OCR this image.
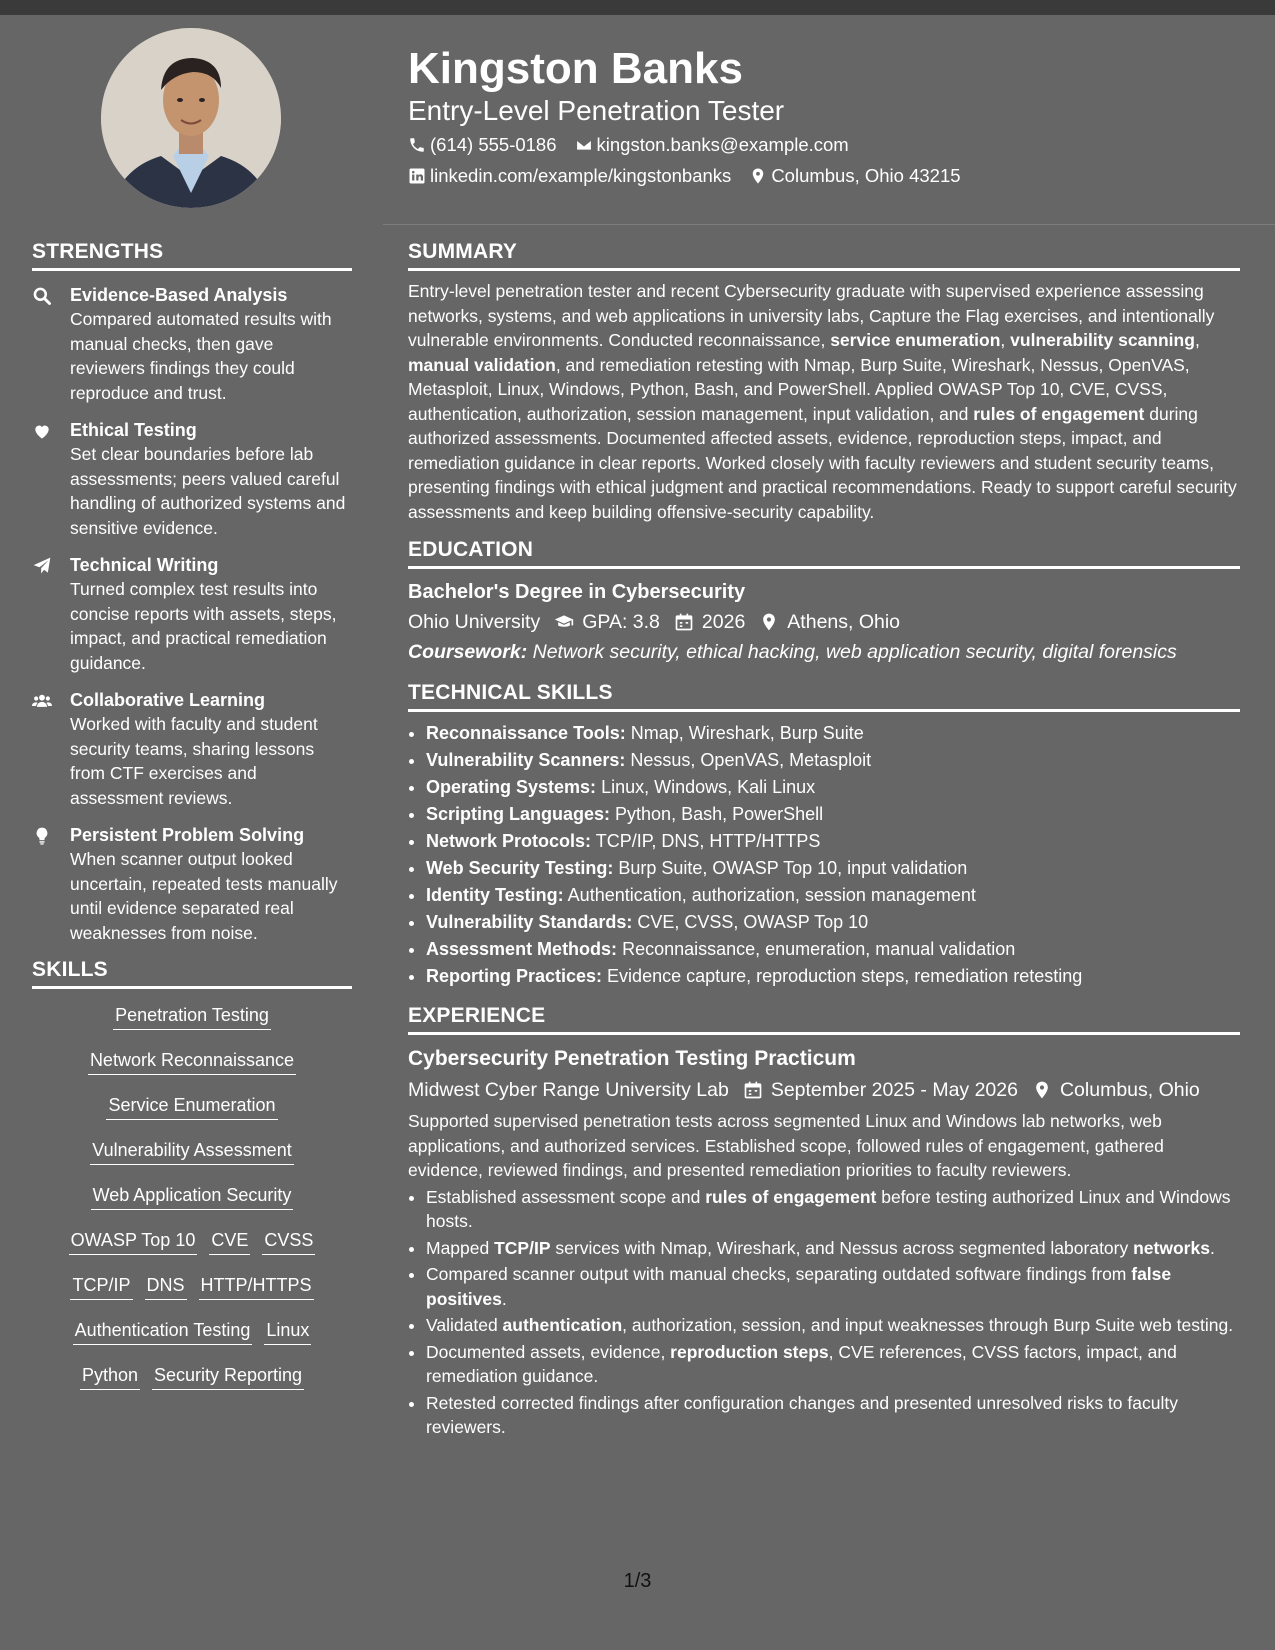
Kingston Banks
Entry-Level Penetration Tester
(614) 555-0186 kingston.banks@example.com
linkedin.com/example/kingstonbanks Columbus, Ohio 43215
STRENGTHS
Evidence-Based Analysis
Compared automated results with manual checks, then gave reviewers findings they could reproduce and trust.
Ethical Testing
Set clear boundaries before lab assessments; peers valued careful handling of authorized systems and sensitive evidence.
Technical Writing
Turned complex test results into concise reports with assets, steps, impact, and practical remediation guidance.
Collaborative Learning
Worked with faculty and student security teams, sharing lessons from CTF exercises and assessment reviews.
Persistent Problem Solving
When scanner output looked uncertain, repeated tests manually until evidence separated real weaknesses from noise.
SKILLS
Penetration Testing
Network Reconnaissance
Service Enumeration
Vulnerability Assessment
Web Application Security
OWASP Top 10 CVE CVSS
TCP/IP DNS HTTP/HTTPS
Authentication Testing Linux
Python Security Reporting
SUMMARY
Entry-level penetration tester and recent Cybersecurity graduate with supervised experience assessing networks, systems, and web applications in university labs, Capture the Flag exercises, and intentionally vulnerable environments. Conducted reconnaissance, service enumeration, vulnerability scanning, manual validation, and remediation retesting with Nmap, Burp Suite, Wireshark, Nessus, OpenVAS, Metasploit, Linux, Windows, Python, Bash, and PowerShell. Applied OWASP Top 10, CVE, CVSS, authentication, authorization, session management, input validation, and rules of engagement during authorized assessments. Documented affected assets, evidence, reproduction steps, impact, and remediation guidance in clear reports. Worked closely with faculty reviewers and student security teams, presenting findings with ethical judgment and practical recommendations. Ready to support careful security assessments and keep building offensive-security capability.
EDUCATION
Bachelor's Degree in Cybersecurity
Ohio University GPA: 3.8 2026 Athens, Ohio
Coursework: Network security, ethical hacking, web application security, digital forensics
TECHNICAL SKILLS
• Reconnaissance Tools: Nmap, Wireshark, Burp Suite
• Vulnerability Scanners: Nessus, OpenVAS, Metasploit
• Operating Systems: Linux, Windows, Kali Linux
• Scripting Languages: Python, Bash, PowerShell
• Network Protocols: TCP/IP, DNS, HTTP/HTTPS
• Web Security Testing: Burp Suite, OWASP Top 10, input validation
• Identity Testing: Authentication, authorization, session management
• Vulnerability Standards: CVE, CVSS, OWASP Top 10
• Assessment Methods: Reconnaissance, enumeration, manual validation
• Reporting Practices: Evidence capture, reproduction steps, remediation retesting
EXPERIENCE
Cybersecurity Penetration Testing Practicum
Midwest Cyber Range University Lab September 2025 - May 2026 Columbus, Ohio
Supported supervised penetration tests across segmented Linux and Windows lab networks, web applications, and authorized services. Established scope, followed rules of engagement, gathered evidence, reviewed findings, and presented remediation priorities to faculty reviewers.
• Established assessment scope and rules of engagement before testing authorized Linux and Windows hosts.
• Mapped TCP/IP services with Nmap, Wireshark, and Nessus across segmented laboratory networks.
• Compared scanner output with manual checks, separating outdated software findings from false positives.
• Validated authentication, authorization, session, and input weaknesses through Burp Suite web testing.
• Documented assets, evidence, reproduction steps, CVE references, CVSS factors, impact, and remediation guidance.
• Retested corrected findings after configuration changes and presented unresolved risks to faculty reviewers.
1/3
